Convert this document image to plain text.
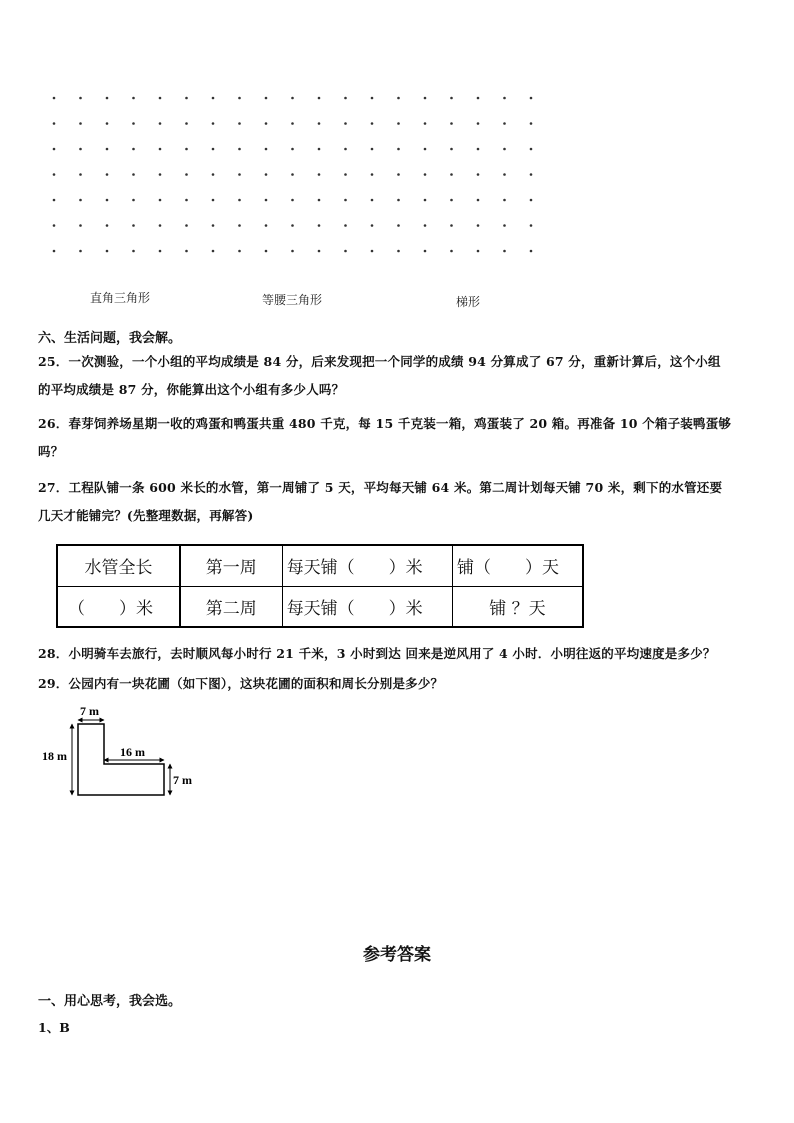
直角三角形	等腰三角形	梯形
六、生活问题，我会解。
25．一次测验，一个小组的平均成绩是 84 分，后来发现把一个同学的成绩 94 分算成了 67 分，重新计算后，这个小组
的平均成绩是 87 分，你能算出这个小组有多少人吗？
26．春芽饲养场星期一收的鸡蛋和鸭蛋共重 480 千克，每 15 千克装一箱，鸡蛋装了 20 箱。再准备 10 个箱子装鸭蛋够
吗？
27．工程队铺一条 600 米长的水管，第一周铺了 5 天，平均每天铺 64 米。第二周计划每天铺 70 米，剩下的水管还要
几天才能铺完？(先整理数据，再解答)
水管全长	第一周	每天铺（　　）米	铺（　　）天
（　　）米	第二周	每天铺（　　）米	铺 ？天
28．小明骑车去旅行，去时顺风每小时行 21 千米，3 小时到达 回来是逆风用了 4 小时．小明往返的平均速度是多少？
29．公园内有一块花圃（如下图），这块花圃的面积和周长分别是多少？
7 m
18 m	16 m
7 m
参考答案
一、用心思考，我会选。
1、B
